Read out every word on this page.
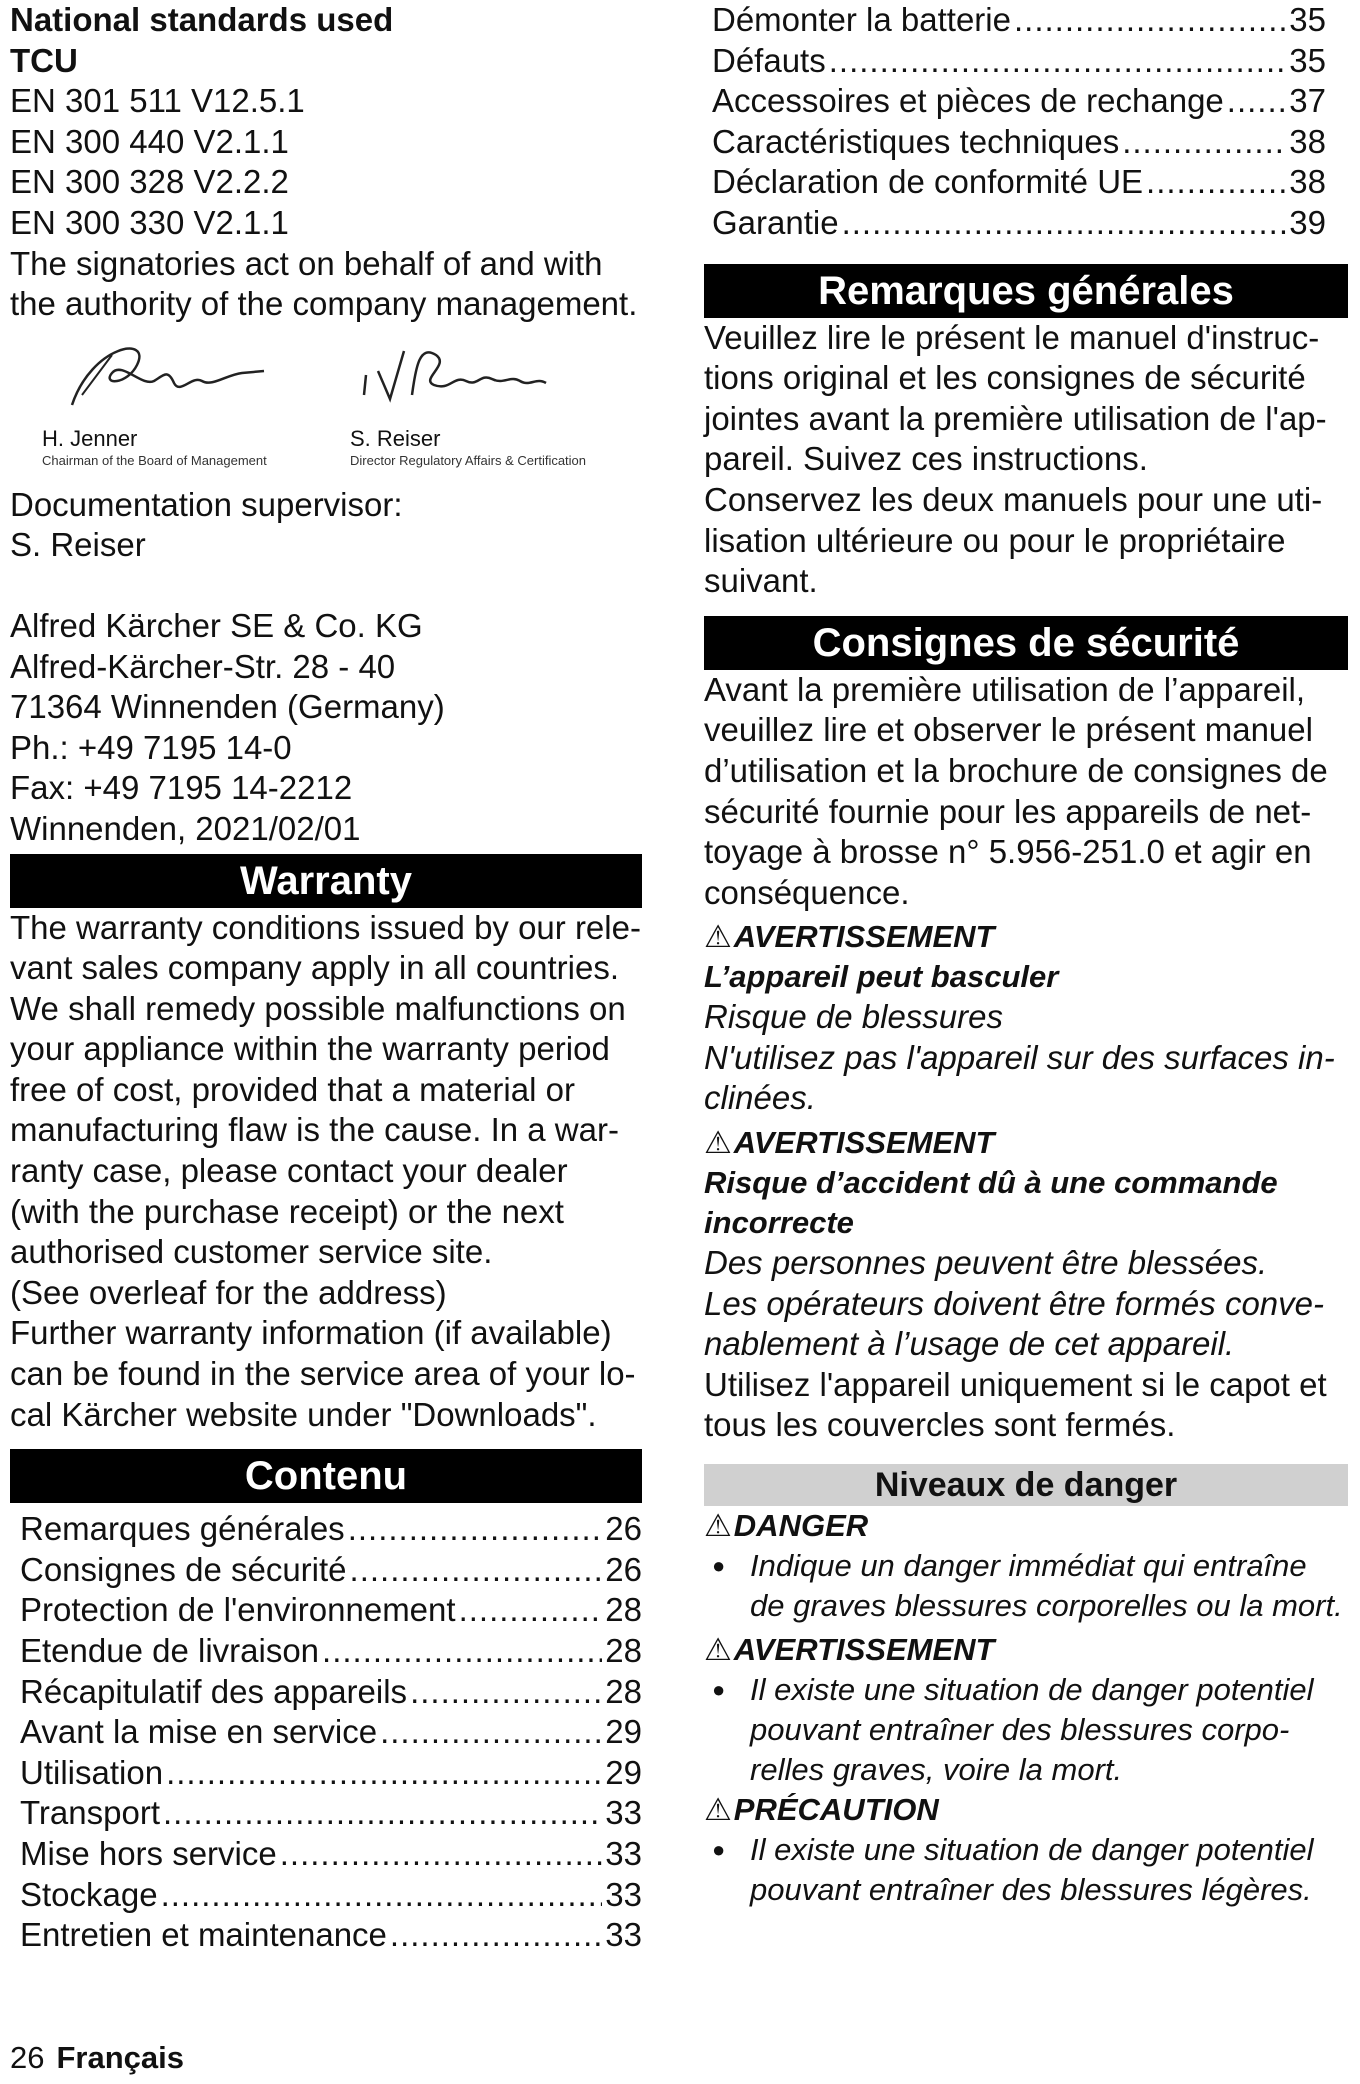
National standards used

TCU

EN 301 511 V12.5.1

EN 300 440 V2.1.1

EN 300 328 V2.2.2

EN 300 330 V2.1.1

The signatories act on behalf of and with the authority of the company management.

H. Jenner
Chairman of the Board of Management
S. Reiser
Director Regulatory Affairs & Certification

Documentation supervisor:

S. Reiser

Alfred Kärcher SE & Co. KG

Alfred-Kärcher-Str. 28 - 40

71364 Winnenden (Germany)

Ph.: +49 7195 14-0

Fax: +49 7195 14-2212

Winnenden, 2021/02/01

Warranty

The warranty conditions issued by our relevant sales company apply in all countries. We shall remedy possible malfunctions on your appliance within the warranty period free of cost, provided that a material or manufacturing flaw is the cause. In a warranty case, please contact your dealer (with the purchase receipt) or the next authorised customer service site.

(See overleaf for the address)

Further warranty information (if available) can be found in the service area of your local Kärcher website under "Downloads".

Contenu
Remarques générales .....	26
Consignes de sécurité .....	26
Protection de l'environnement .....	28
Etendue de livraison .....	28
Récapitulatif des appareils .....	28
Avant la mise en service .....	29
Utilisation .....	29
Transport .....	33
Mise hors service .....	33
Stockage .....	33
Entretien et maintenance .....	33
Démonter la batterie .....	35
Défauts .....	35
Accessoires et pièces de rechange ..... 37
Caractéristiques techniques .....	38
Déclaration de conformité UE .....	38
Garantie .....	39
Remarques générales

Veuillez lire le présent le manuel d'instructions original et les consignes de sécurité jointes avant la première utilisation de l'appareil. Suivez ces instructions.

Conservez les deux manuels pour une utilisation ultérieure ou pour le propriétaire suivant.

Consignes de sécurité

Avant la première utilisation de l’appareil, veuillez lire et observer le présent manuel d’utilisation et la brochure de consignes de sécurité fournie pour les appareils de nettoyage à brosse n° 5.956-251.0 et agir en conséquence.

⚠AVERTISSEMENT

L’appareil peut basculer

Risque de blessures

N'utilisez pas l'appareil sur des surfaces inclinées.

⚠AVERTISSEMENT

Risque d’accident dû à une commande incorrecte

Des personnes peuvent être blessées.

Les opérateurs doivent être formés convenablement à l’usage de cet appareil.

Utilisez l'appareil uniquement si le capot et tous les couvercles sont fermés.

Niveaux de danger

⚠DANGER

● Indique un danger immédiat qui entraîne de graves blessures corporelles ou la mort.

⚠AVERTISSEMENT

● Il existe une situation de danger potentiel pouvant entraîner des blessures corporelles graves, voire la mort.

⚠PRÉCAUTION

● Il existe une situation de danger potentiel pouvant entraîner des blessures légères.
26 Français
